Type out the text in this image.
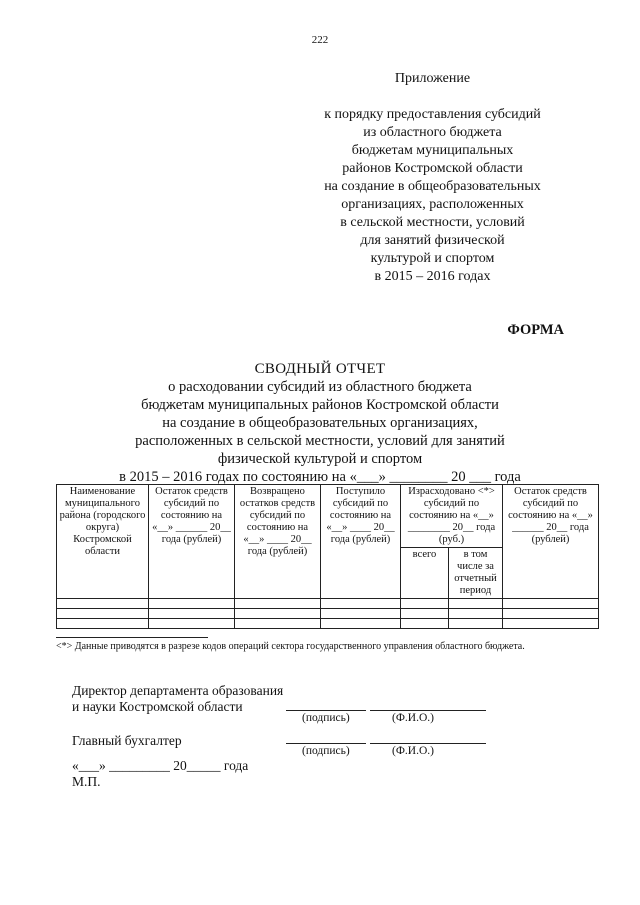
222
Приложение
к порядку предоставления субсидий
из областного бюджета
бюджетам муниципальных
районов Костромской области
на создание в общеобразовательных
организациях, расположенных
в сельской местности, условий
для занятий физической
культурой и спортом
в 2015 – 2016 годах
ФОРМА
СВОДНЫЙ ОТЧЕТ
о расходовании субсидий из областного бюджета
бюджетам муниципальных районов Костромской области
на создание в общеобразовательных организациях,
расположенных в сельской местности, условий для занятий
физической культурой и спортом
в 2015 – 2016 годах по состоянию на «___» ________ 20 ___ года
Наименование муниципального района (городского округа) Костромской области	Остаток средств субсидий по состоянию на «__» ______ 20__ года (рублей)	Возвращено остатков средств субсидий по состоянию на «__» ____ 20__ года (рублей)	Поступило субсидий по состоянию на «__» ____ 20__ года (рублей)	Израсходовано <*> субсидий по состоянию на «__» ________ 20__ года (руб.)		Остаток средств субсидий по состоянию на «__» ______ 20__ года (рублей)
				всего	в том числе за отчетный период	

<*> Данные приводятся в разрезе кодов операций сектора государственного управления областного бюджета.
Директор департамента образования
и науки Костромской области
(подпись)	(Ф.И.О.)
Главный бухгалтер
(подпись)	(Ф.И.О.)
«___» _________ 20_____ года
М.П.
